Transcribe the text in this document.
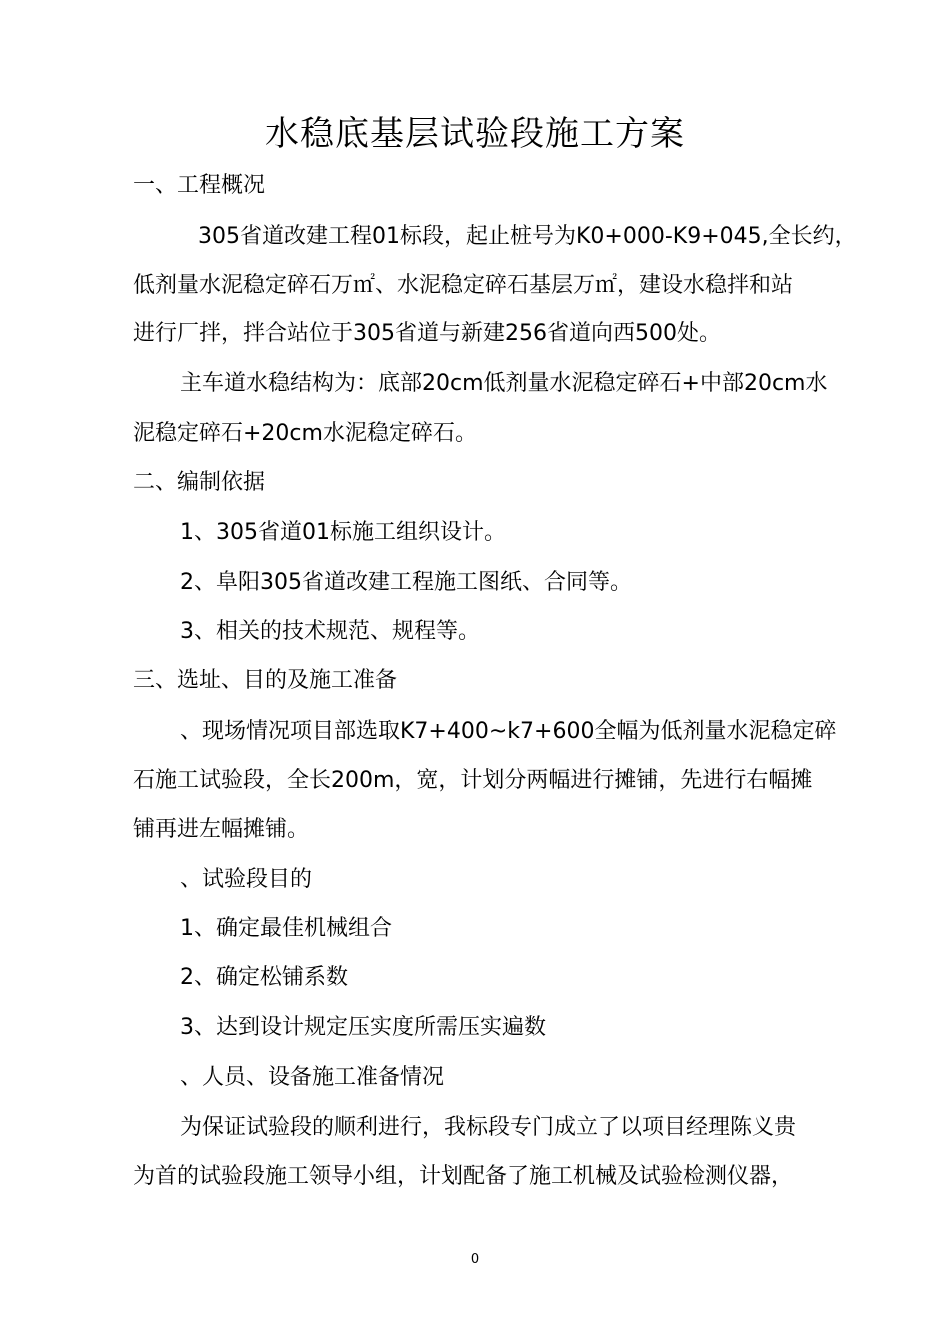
水稳底基层试验段施工方案
一、工程概况
305省道改建工程01标段，起止桩号为K0+000-K9+045,全长约，
低剂量水泥稳定碎石万㎡、水泥稳定碎石基层万㎡，建设水稳拌和站
进行厂拌，拌合站位于305省道与新建256省道向西500处。
主车道水稳结构为：底部20cm低剂量水泥稳定碎石+中部20cm水
泥稳定碎石+20cm水泥稳定碎石。
二、编制依据
1、305省道01标施工组织设计。
2、阜阳305省道改建工程施工图纸、合同等。
3、相关的技术规范、规程等。
三、选址、目的及施工准备
、现场情况项目部选取K7+400~k7+600全幅为低剂量水泥稳定碎
石施工试验段，全长200m，宽，计划分两幅进行摊铺，先进行右幅摊
铺再进左幅摊铺。
、试验段目的
1、确定最佳机械组合
2、确定松铺系数
3、达到设计规定压实度所需压实遍数
、人员、设备施工准备情况
为保证试验段的顺利进行，我标段专门成立了以项目经理陈义贵
为首的试验段施工领导小组，计划配备了施工机械及试验检测仪器，
0
